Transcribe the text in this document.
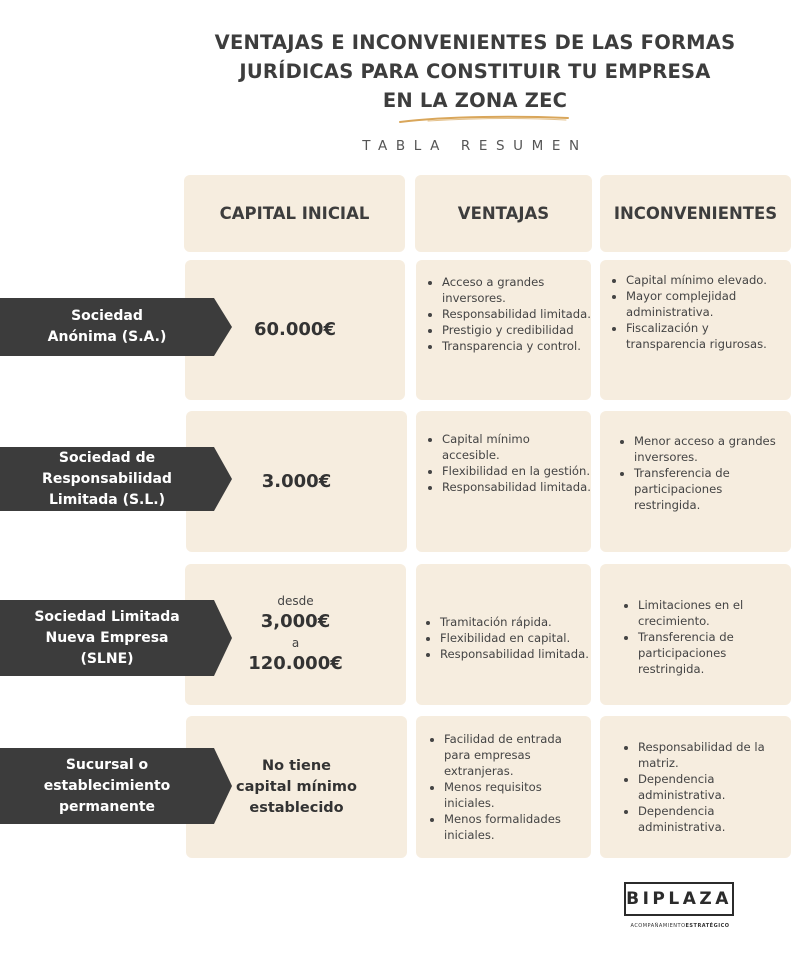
VENTAJAS E INCONVENIENTES DE LAS FORMAS
JURÍDICAS PARA CONSTITUIR TU EMPRESA
EN LA ZONA ZEC
TABLA RESUMEN
CAPITAL INICIAL	VENTAJAS	INCONVENIENTES
60.000€
• Acceso a grandes inversores.
• Responsabilidad limitada.
• Prestigio y credibilidad
• Transparencia y control.
• Capital mínimo elevado.
• Mayor complejidad administrativa.
• Fiscalización y transparencia rigurosas.
3.000€
• Capital mínimo accesible.
• Flexibilidad en la gestión.
• Responsabilidad limitada.
• Menor acceso a grandes inversores.
• Transferencia de participaciones restringida.
desde
3,000€
a
120.000€
• Tramitación rápida.
• Flexibilidad en capital.
• Responsabilidad limitada.
• Limitaciones en el crecimiento.
• Transferencia de participaciones restringida.
No tiene
capital mínimo
establecido
• Facilidad de entrada para empresas extranjeras.
• Menos requisitos iniciales.
• Menos formalidades iniciales.
• Responsabilidad de la matriz.
• Dependencia administrativa.
• Dependencia administrativa.
Sociedad
Anónima (S.A.)
Sociedad de
Responsabilidad
Limitada (S.L.)
Sociedad Limitada
Nueva Empresa
(SLNE)
Sucursal o
establecimiento
permanente
BIPLAZA
ACOMPAÑAMIENTOESTRATÉGICO
